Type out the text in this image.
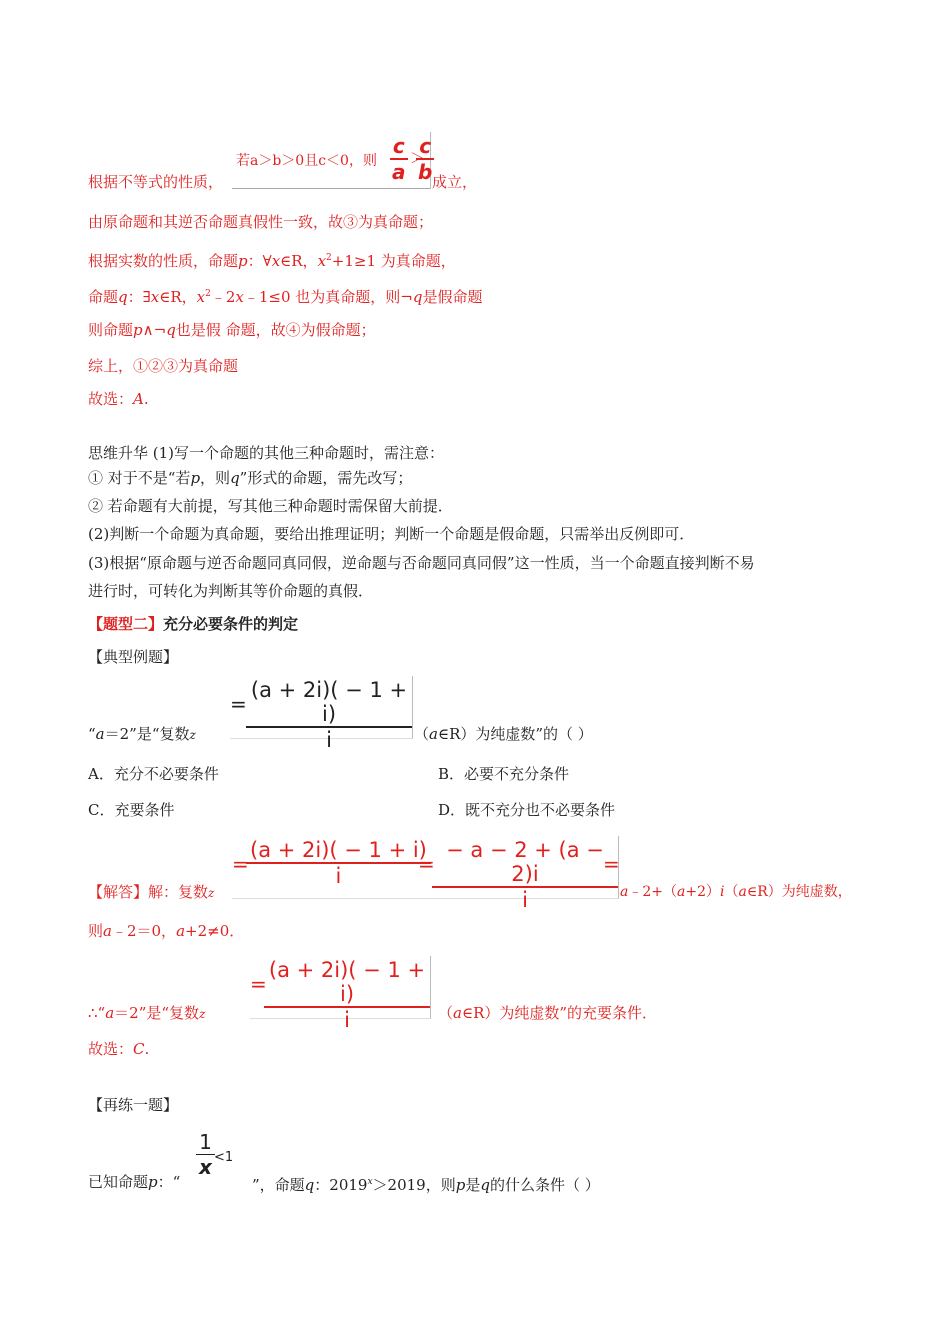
根据不等式的性质，
若a＞b＞0且c＜0，则 $\frac{c}{a}$ ＞
$\frac{c}{b}$
成立，
由原命题和其逆否命题真假性一致，故③为真命题；
根据实数的性质，命题p：∀x∈R，$x^2+1\ge 1$ 为真命题，
命题q：∃x∈R，$x^2﹣2x﹣1\le 0$ 也为真命题，则¬q是假命题
则命题p∧¬q也是假 命题，故④为假命题；
综上，①②③为真命题
故选：A.
思维升华 (1)写一个命题的其他三种命题时，需注意：
① 对于不是“若p，则q”形式的命题，需先改写；
② 若命题有大前提，写其他三种命题时需保留大前提．
(2)判断一个命题为真命题，要给出推理证明；判断一个命题是假命题，只需举出反例即可．
(3)根据“原命题与逆否命题同真同假，逆命题与否命题同真同假”这一性质，当一个命题直接判断不易
进行时，可转化为判断其等价命题的真假．
【题型二】充分必要条件的判定
【典型例题】
“a＝2”是“复数z
= $\frac{(a + 2i)( - 1 + i)}{i}$ （a∈R）为纯虚数”的（ ）
A．充分不必要条件	B．必要不充分条件
C．充要条件	D．既不充分也不必要条件
【解答】解：复数z
=
$\frac{(a + 2i)( - 1 + i)}{i}$
=
$\frac{- a - 2 + (a - 2)i}{i}$
=
a﹣2+（a+2）i（a∈R）为纯虚数，
则a﹣2＝0，a+2≠0．
∴“a＝2”是“复数z
=
$\frac{(a + 2i)( - 1 + i)}{i}$ （a∈R）为纯虚数”的充要条件．
故选：C.
【再练一题】
已知命题p：“
$\frac{1}{x} <1$
”，命题q：$2019^x>2019$，则p是q的什么条件（ ）
